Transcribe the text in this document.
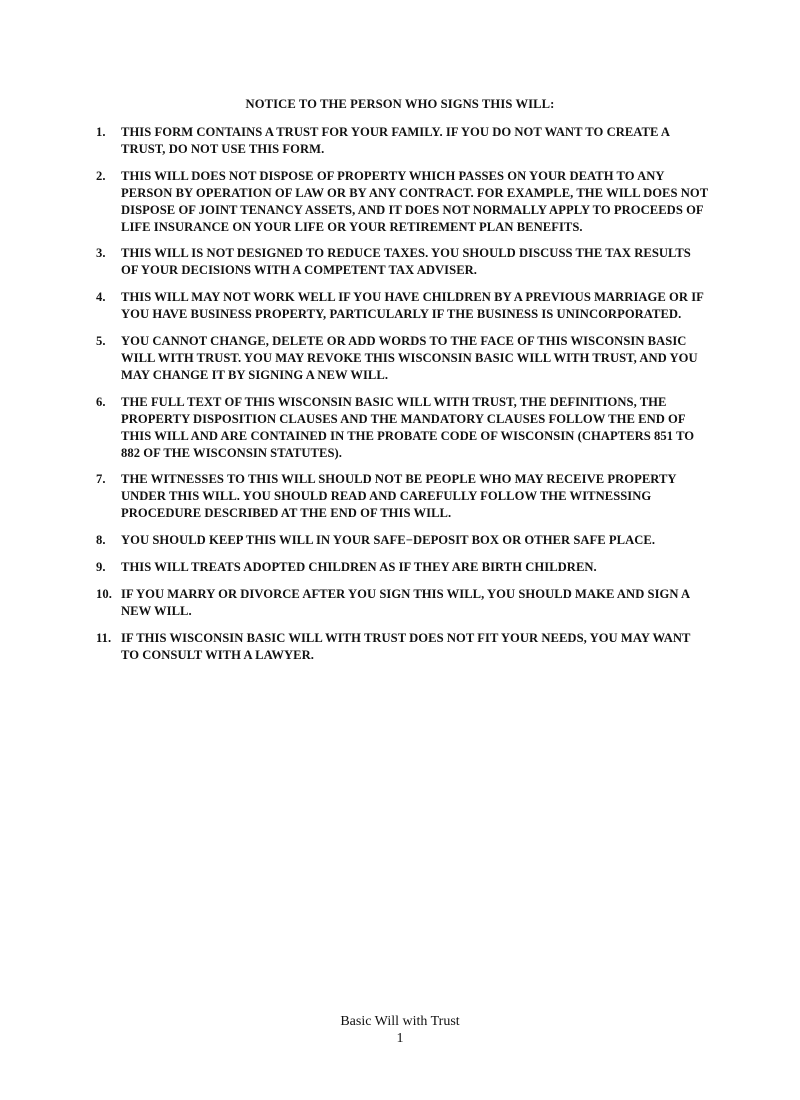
NOTICE TO THE PERSON WHO SIGNS THIS WILL:
1.	THIS FORM CONTAINS A TRUST FOR YOUR FAMILY. IF YOU DO NOT WANT TO CREATE A TRUST, DO NOT USE THIS FORM.
2.	THIS WILL DOES NOT DISPOSE OF PROPERTY WHICH PASSES ON YOUR DEATH TO ANY PERSON BY OPERATION OF LAW OR BY ANY CONTRACT. FOR EXAMPLE, THE WILL DOES NOT DISPOSE OF JOINT TENANCY ASSETS, AND IT DOES NOT NORMALLY APPLY TO PROCEEDS OF LIFE INSURANCE ON YOUR LIFE OR YOUR RETIREMENT PLAN BENEFITS.
3.	THIS WILL IS NOT DESIGNED TO REDUCE TAXES. YOU SHOULD DISCUSS THE TAX RESULTS OF YOUR DECISIONS WITH A COMPETENT TAX ADVISER.
4.	THIS WILL MAY NOT WORK WELL IF YOU HAVE CHILDREN BY A PREVIOUS MARRIAGE OR IF YOU HAVE BUSINESS PROPERTY, PARTICULARLY IF THE BUSINESS IS UNINCORPORATED.
5.	YOU CANNOT CHANGE, DELETE OR ADD WORDS TO THE FACE OF THIS WISCONSIN BASIC WILL WITH TRUST. YOU MAY REVOKE THIS WISCONSIN BASIC WILL WITH TRUST, AND YOU MAY CHANGE IT BY SIGNING A NEW WILL.
6.	THE FULL TEXT OF THIS WISCONSIN BASIC WILL WITH TRUST, THE DEFINITIONS, THE PROPERTY DISPOSITION CLAUSES AND THE MANDATORY CLAUSES FOLLOW THE END OF THIS WILL AND ARE CONTAINED IN THE PROBATE CODE OF WISCONSIN (CHAPTERS 851 TO 882 OF THE WISCONSIN STATUTES).
7.	THE WITNESSES TO THIS WILL SHOULD NOT BE PEOPLE WHO MAY RECEIVE PROPERTY UNDER THIS WILL. YOU SHOULD READ AND CAREFULLY FOLLOW THE WITNESSING PROCEDURE DESCRIBED AT THE END OF THIS WILL.
8.	YOU SHOULD KEEP THIS WILL IN YOUR SAFE−DEPOSIT BOX OR OTHER SAFE PLACE.
9.	THIS WILL TREATS ADOPTED CHILDREN AS IF THEY ARE BIRTH CHILDREN.
10. IF YOU MARRY OR DIVORCE AFTER YOU SIGN THIS WILL, YOU SHOULD MAKE AND SIGN A NEW WILL.
11. IF THIS WISCONSIN BASIC WILL WITH TRUST DOES NOT FIT YOUR NEEDS, YOU MAY WANT TO CONSULT WITH A LAWYER.
Basic Will with Trust
1
